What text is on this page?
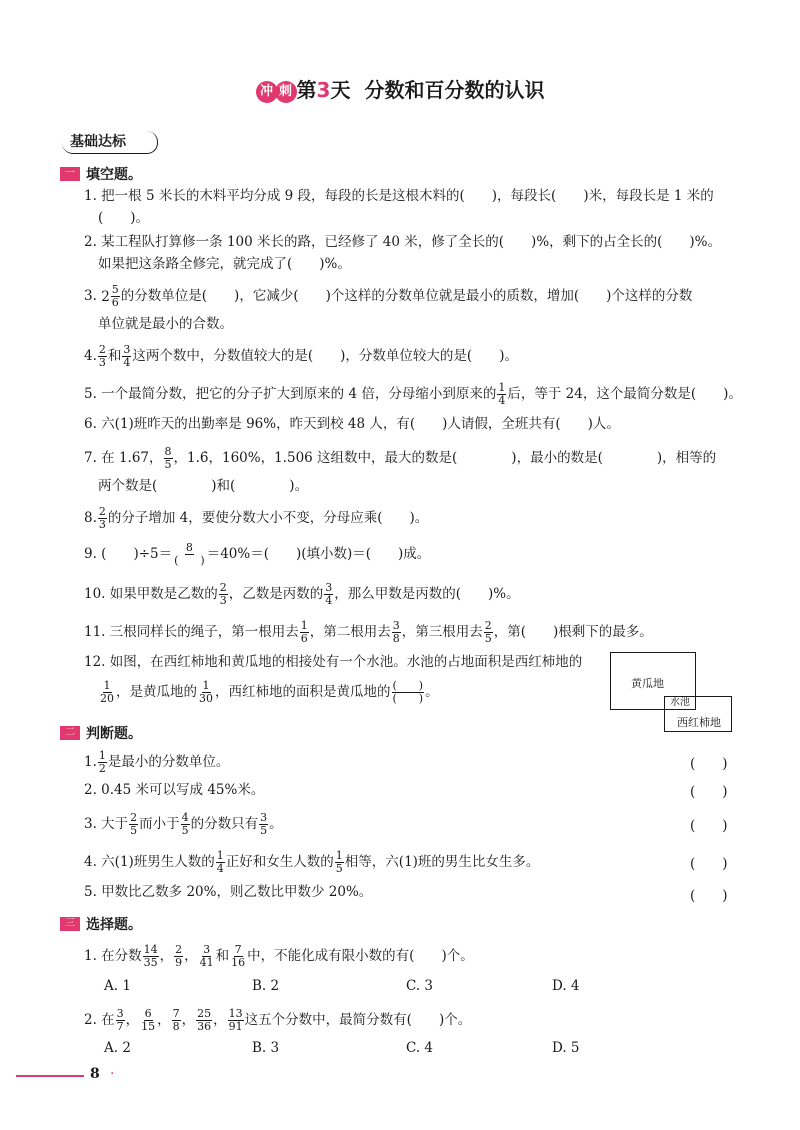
冲 刺 第3天 分数和百分数的认识
基础达标
一 填空题。
1. 把一根 5 米长的木料平均分成 9 段，每段的长是这根木料的(　　)，每段长(　　)米，每段长是 1 米的
(　　)。
2. 某工程队打算修一条 100 米长的路，已经修了 40 米，修了全长的(　　)%，剩下的占全长的(　　)%。
如果把这条路全修完，就完成了(　　)%。
3. $2 \frac{5}{6}$ 的分数单位是(　　)，它减少(　　)个这样的分数单位就是最小的质数，增加(　　)个这样的分数
单位就是最小的合数。
4. $\frac{2}{3}$ 和 $\frac{3}{4}$ 这两个数中，分数值较大的是(　　)，分数单位较大的是(　　)。
5. 一个最简分数，把它的分子扩大到原来的 4 倍，分母缩小到原来的 $\frac{1}{4}$ 后，等于 24，这个最简分数是(　　)。
6. 六(1)班昨天的出勤率是 96%，昨天到校 48 人，有(　　)人请假，全班共有(　　)人。
7. 在 1.67， $\frac{8}{5}$ ，1.6̇，160%，1.506 这组数中，最大的数是(　　　　)，最小的数是(　　　　)，相等的
两个数是(　　　　)和(　　　　)。
8. $\frac{2}{3}$ 的分子增加 4，要使分数大小不变，分母应乘(　　)。
9. (　　)$\div 5= \frac{8}{( )} =40\%=$(　　)(填小数)＝(　　)成。
10. 如果甲数是乙数的 $\frac{2}{3}$ ，乙数是丙数的 $\frac{3}{4}$ ，那么甲数是丙数的(　　)%。
11. 三根同样长的绳子，第一根用去 $\frac{1}{6}$ ，第二根用去 $\frac{3}{8}$ ，第三根用去 $\frac{2}{5}$ ，第(　　)根剩下的最多。
12. 如图，在西红柿地和黄瓜地的相接处有一个水池。水池的占地面积是西红柿地的
$\frac{1}{20}$ ，是黄瓜地的 $\frac{1}{30}$ ，西红柿地的面积是黄瓜地的 $\frac{( )}{( )}$ 。
黄瓜地
西红柿地
水池
二 判断题。
1. $\frac{1}{2}$ 是最小的分数单位。	(　　)
2. 0.45 米可以写成 45%米。	(　　)
3. 大于 $\frac{2}{5}$ 而小于 $\frac{4}{5}$ 的分数只有 $\frac{3}{5}$ 。	(　　)
4. 六(1)班男生人数的 $\frac{1}{4}$ 正好和女生人数的 $\frac{1}{5}$ 相等，六(1)班的男生比女生多。	(　　)
5. 甲数比乙数多 20%，则乙数比甲数少 20%。	(　　)
三 选择题。
1. 在分数 $\frac{14}{35}$ ， $\frac{2}{9}$ ， $\frac{3}{41}$ 和 $\frac{7}{16}$ 中，不能化成有限小数的有(　　)个。
A. 1	B. 2	C. 3	D. 4
2. 在 $\frac{3}{7}$ ， $\frac{6}{15}$ ， $\frac{7}{8}$ ， $\frac{25}{36}$ ， $\frac{13}{91}$ 这五个分数中，最简分数有(　　)个。
A. 2	B. 3	C. 4	D. 5
8 ·
